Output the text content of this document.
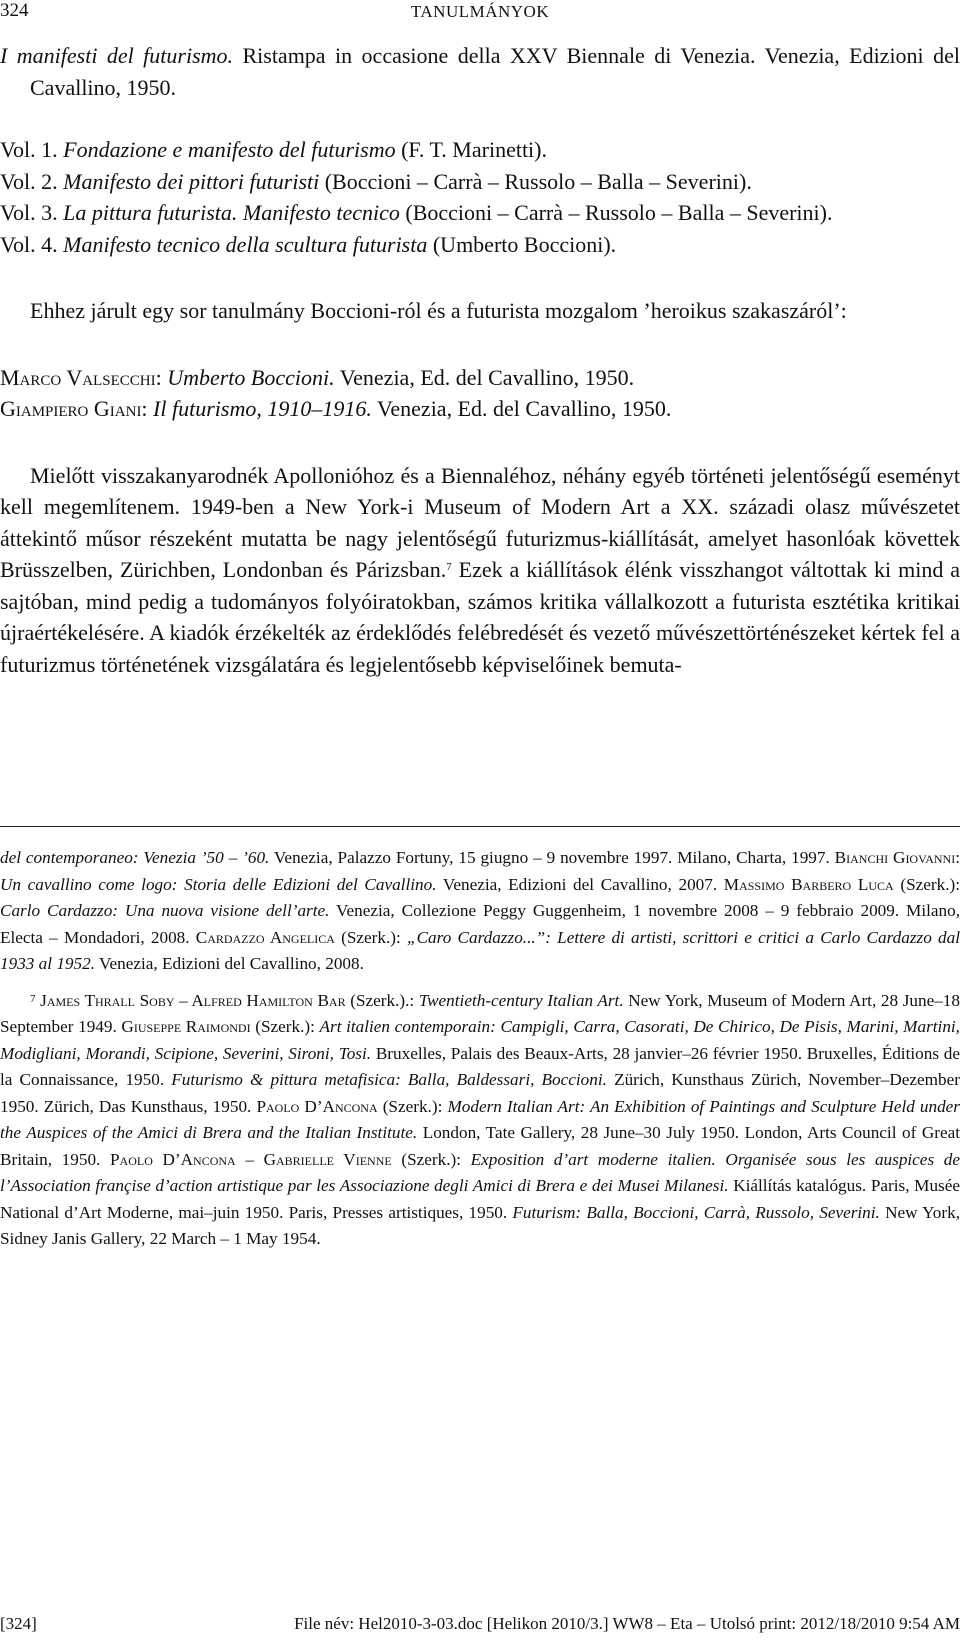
324	TANULMÁNYOK

I manifesti del futurismo. Ristampa in occasione della XXV Biennale di Venezia. Venezia, Edizioni del Cavallino, 1950.

Vol. 1. Fondazione e manifesto del futurismo (F. T. Marinetti).

Vol. 2. Manifesto dei pittori futuristi (Boccioni – Carrà – Russolo – Balla – Severini).

Vol. 3. La pittura futurista. Manifesto tecnico (Boccioni – Carrà – Russolo – Balla – Severini).

Vol. 4. Manifesto tecnico della scultura futurista (Umberto Boccioni).

Ehhez járult egy sor tanulmány Boccioni-ról és a futurista mozgalom ’heroikus szakaszáról’:

Marco Valsecchi: Umberto Boccioni. Venezia, Ed. del Cavallino, 1950.

Giampiero Giani: Il futurismo, 1910–1916. Venezia, Ed. del Cavallino, 1950.

Mielőtt visszakanyarodnék Apollonióhoz és a Biennaléhoz, néhány egyéb történeti jelentőségű eseményt kell megemlítenem. 1949-ben a New York-i Museum of Modern Art a XX. századi olasz művészetet áttekintő műsor részeként mutatta be nagy jelentőségű futurizmus-kiállítását, amelyet hasonlóak követtek Brüsszelben, Zürichben, Londonban és Párizsban.$^7$ Ezek a kiállítások élénk visszhangot váltottak ki mind a sajtóban, mind pedig a tudományos folyóiratokban, számos kritika vállalkozott a futurista esztétika kritikai újraértékelésére. A kiadók érzékelték az érdeklődés felébredését és vezető művészettörténészeket kértek fel a futurizmus történetének vizsgálatára és legjelentősebb képviselőinek bemuta-

del contemporaneo: Venezia ’50 – ’60. Venezia, Palazzo Fortuny, 15 giugno – 9 novembre 1997. Milano, Charta, 1997. Bianchi Giovanni: Un cavallino come logo: Storia delle Edizioni del Cavallino. Venezia, Edizioni del Cavallino, 2007. Massimo Barbero Luca (Szerk.): Carlo Cardazzo: Una nuova visione dell’arte. Venezia, Collezione Peggy Guggenheim, 1 novembre 2008 – 9 febbraio 2009. Milano, Electa – Mondadori, 2008. Cardazzo Angelica (Szerk.): „Caro Cardazzo...”: Lettere di artisti, scrittori e critici a Carlo Cardazzo dal 1933 al 1952. Venezia, Edizioni del Cavallino, 2008.

$^7$ James Thrall Soby – Alfred Hamilton Bar (Szerk.).: Twentieth-century Italian Art. New York, Museum of Modern Art, 28 June–18 September 1949. Giuseppe Raimondi (Szerk.): Art italien contemporain: Campigli, Carra, Casorati, De Chirico, De Pisis, Marini, Martini, Modigliani, Morandi, Scipione, Severini, Sironi, Tosi. Bruxelles, Palais des Beaux-Arts, 28 janvier–26 février 1950. Bruxelles, Éditions de la Connaissance, 1950. Futurismo & pittura metafisica: Balla, Baldessari, Boccioni. Zürich, Kunsthaus Zürich, November–Dezember 1950. Zürich, Das Kunsthaus, 1950. Paolo D’Ancona (Szerk.): Modern Italian Art: An Exhibition of Paintings and Sculpture Held under the Auspices of the Amici di Brera and the Italian Institute. London, Tate Gallery, 28 June–30 July 1950. London, Arts Council of Great Britain, 1950. Paolo D’Ancona – Gabrielle Vienne (Szerk.): Exposition d’art moderne italien. Organisée sous les auspices de l’Association françise d’action artistique par les Associazione degli Amici di Brera e dei Musei Milanesi. Kiállítás katalógus. Paris, Musée National d’Art Moderne, mai–juin 1950. Paris, Presses artistiques, 1950. Futurism: Balla, Boccioni, Carrà, Russolo, Severini. New York, Sidney Janis Gallery, 22 March – 1 May 1954.

[324]	File név: Hel2010-3-03.doc [Helikon 2010/3.] WW8 – Eta – Utolsó print: 2012/18/2010 9:54 AM
